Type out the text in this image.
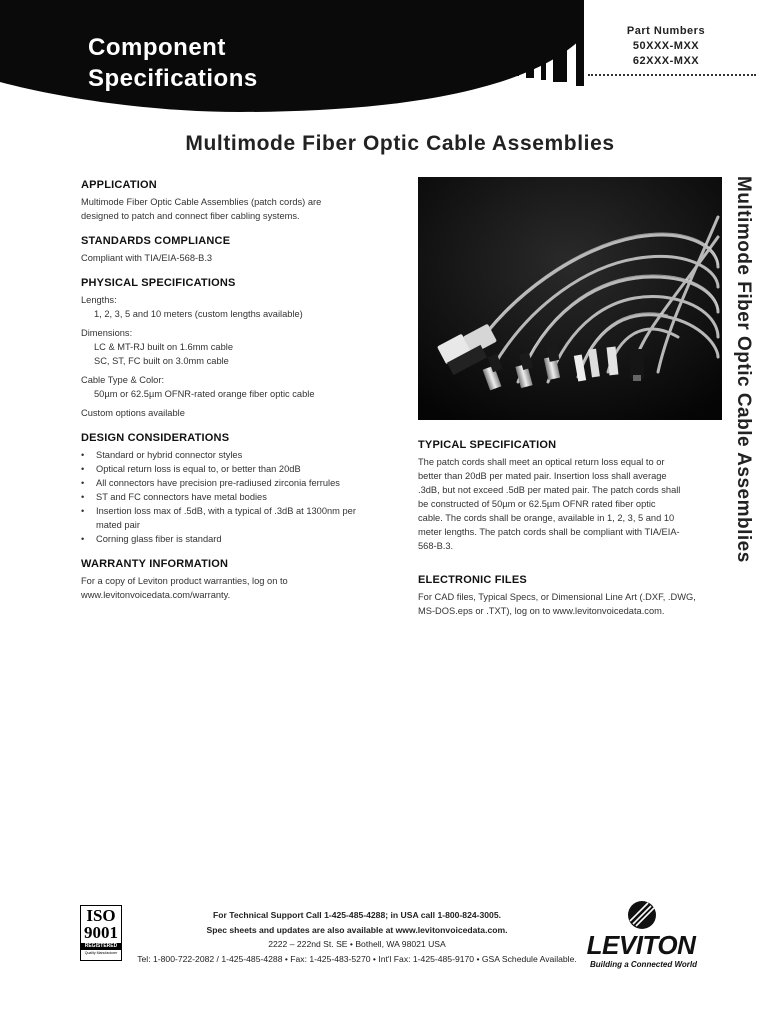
Component
Specifications
Part Numbers
50XXX-MXX
62XXX-MXX
Multimode Fiber Optic Cable Assemblies
Multimode Fiber Optic Cable Assemblies
APPLICATION

Multimode Fiber Optic Cable Assemblies (patch cords) are

designed to patch and connect fiber cabling systems.

STANDARDS COMPLIANCE

Compliant with TIA/EIA-568-B.3

PHYSICAL SPECIFICATIONS

Lengths:

1, 2, 3, 5 and 10 meters (custom lengths available)

Dimensions:

LC & MT-RJ built on 1.6mm cable

SC, ST, FC built on 3.0mm cable

Cable Type & Color:

50µm or 62.5µm OFNR-rated orange fiber optic cable

Custom options available

DESIGN CONSIDERATIONS
• Standard or hybrid connector styles
• Optical return loss is equal to, or better than 20dB
• All connectors have precision pre-radiused zirconia ferrules
• ST and FC connectors have metal bodies
• Insertion loss max of .5dB, with a typical of .3dB at 1300nm per mated pair
• Corning glass fiber is standard
WARRANTY INFORMATION

For a copy of Leviton product warranties, log on to

www.levitonvoicedata.com/warranty.

TYPICAL SPECIFICATION

The patch cords shall meet an optical return loss equal to or

better than 20dB per mated pair. Insertion loss shall average

.3dB, but not exceed .5dB per mated pair. The patch cords shall

be constructed of 50µm or 62.5µm OFNR rated fiber optic

cable. The cords shall be orange, available in 1, 2, 3, 5 and 10

meter lengths. The patch cords shall be compliant with TIA/EIA-

568-B.3.

ELECTRONIC FILES

For CAD files, Typical Specs, or Dimensional Line Art (.DXF, .DWG,

MS-DOS.eps or .TXT), log on to www.levitonvoicedata.com.

ISO
9001
REGISTERED
Quality Manufacturer
For Technical Support Call 1-425-485-4288; in USA call 1-800-824-3005.
Spec sheets and updates are also available at www.levitonvoicedata.com.
2222 – 222nd St. SE • Bothell, WA 98021 USA
Tel: 1-800-722-2082 / 1-425-485-4288 • Fax: 1-425-483-5270 • Int'l Fax: 1-425-485-9170 • GSA Schedule Available. LEVITON
Building a Connected World
